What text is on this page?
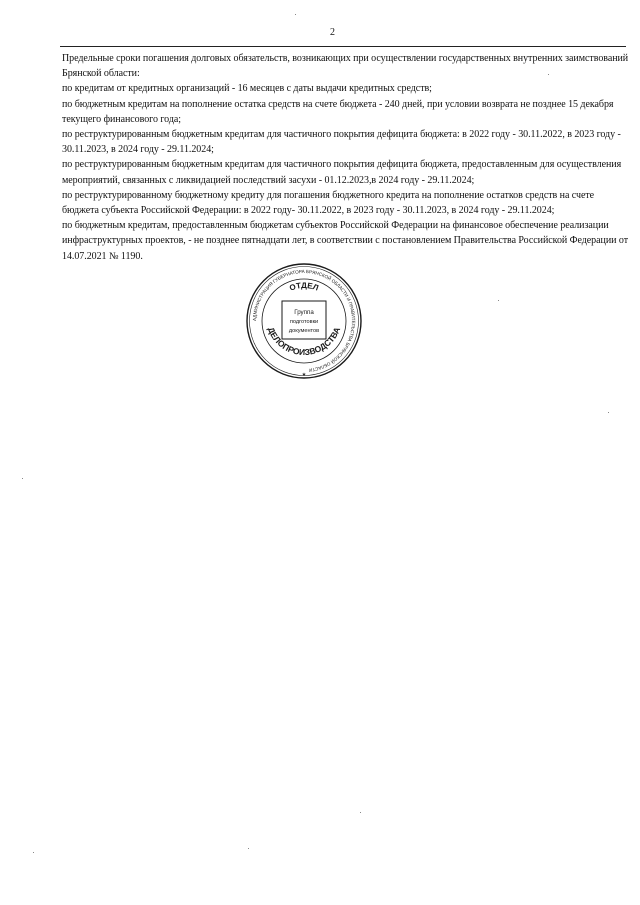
2

Предельные сроки погашения долговых обязательств, возникающих при осуществлении государственных внутренних заимствований Брянской области:

по кредитам от кредитных организаций - 16 месяцев с даты выдачи кредитных средств;

по бюджетным кредитам на пополнение остатка средств на счете бюджета - 240 дней, при условии возврата не позднее 15 декабря текущего финансового года;

по реструктурированным бюджетным кредитам для частичного покрытия дефицита бюджета: в 2022 году - 30.11.2022, в 2023 году - 30.11.2023, в 2024 году - 29.11.2024;

по реструктурированным бюджетным кредитам для частичного покрытия дефицита бюджета, предоставленным для осуществления мероприятий, связанных с ликвидацией последствий засухи - 01.12.2023,в 2024 году - 29.11.2024;

по реструктурированному бюджетному кредиту для погашения бюджетного кредита на пополнение остатков средств на счете бюджета субъекта Российской Федерации: в 2022 году- 30.11.2022, в 2023 году - 30.11.2023, в 2024 году - 29.11.2024;

по бюджетным кредитам, предоставленным бюджетам субъектов Российской Федерации на финансовое обеспечение реализации инфраструктурных проектов, - не позднее пятнадцати лет, в соответствии с постановлением Правительства Российской Федерации от 14.07.2021 № 1190.

АДМИНИСТРАЦИЯ ГУБЕРНАТОРА БРЯНСКОЙ ОБЛАСТИ И ПРАВИТЕЛЬСТВА БРЯНСКОЙ ОБЛАСТИ
ОТДЕЛ
ДЕЛОПРОИЗВОДСТВА
Группа
подготовки
документов
★
